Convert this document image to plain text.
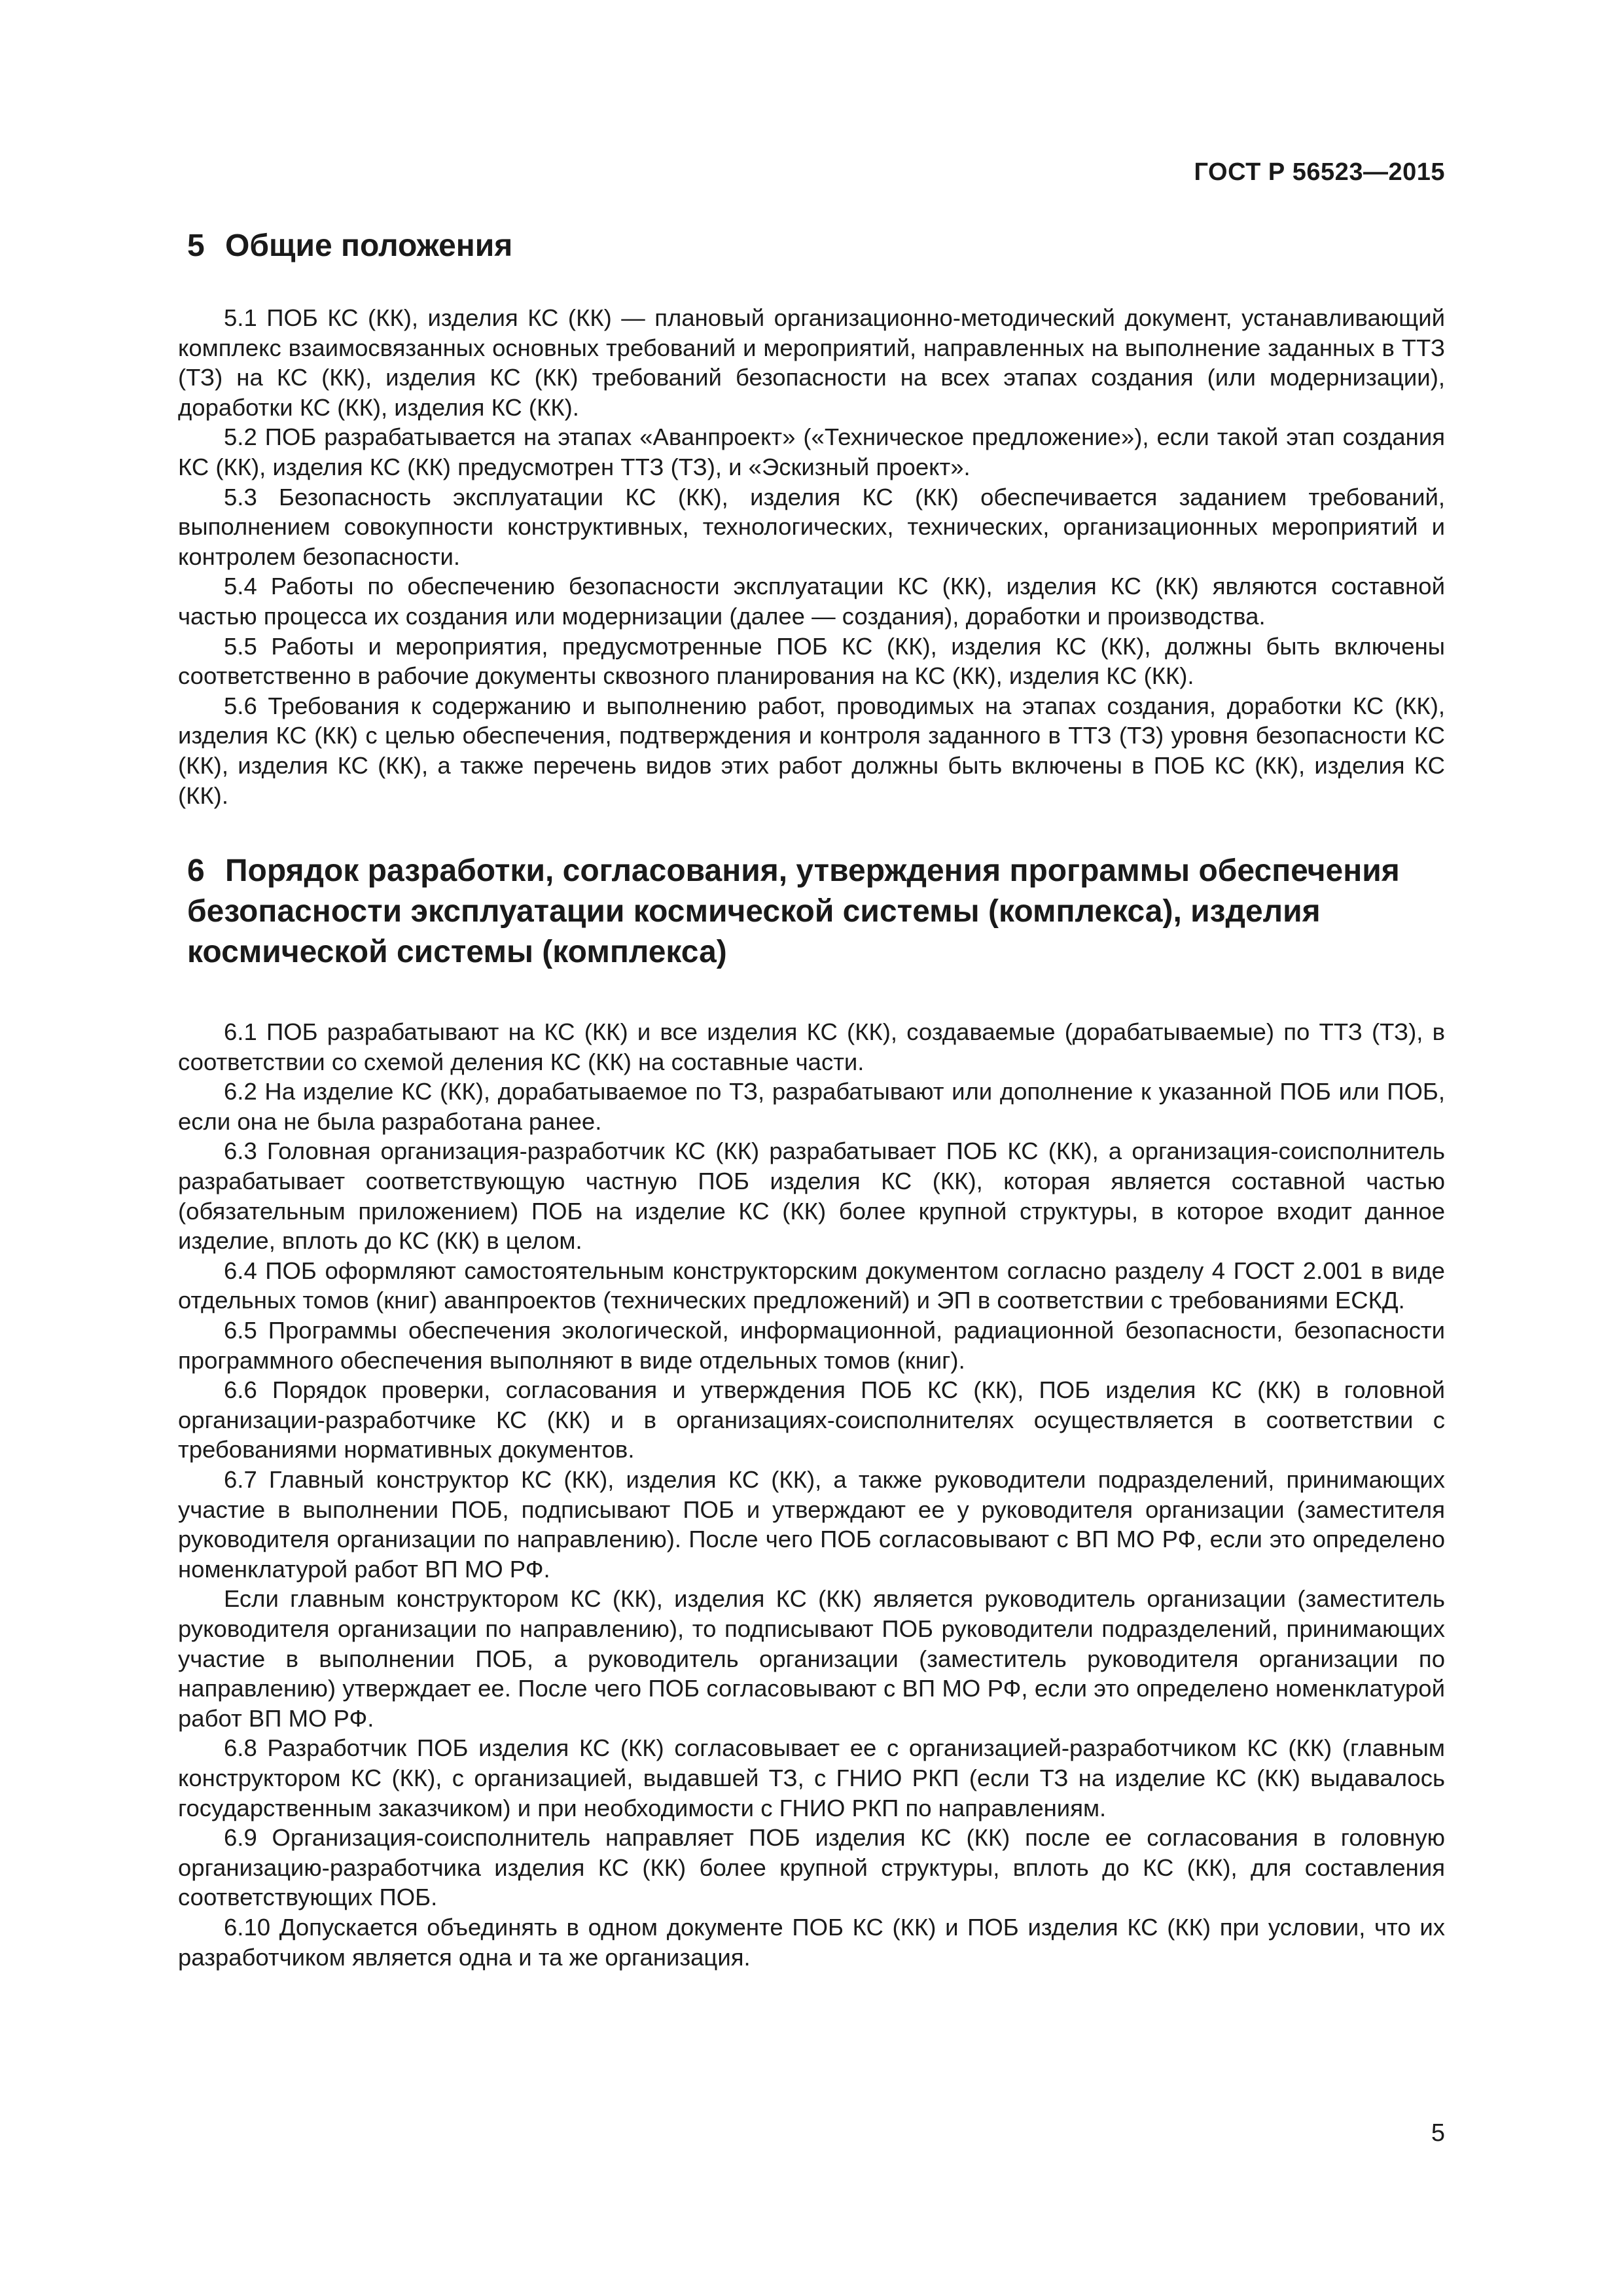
ГОСТ Р 56523—2015
5 Общие положения

5.1 ПОБ КС (КК), изделия КС (КК) — плановый организационно-методический документ, устанавливающий комплекс взаимосвязанных основных требований и мероприятий, направленных на выполнение заданных в ТТЗ (ТЗ) на КС (КК), изделия КС (КК) требований безопасности на всех этапах создания (или модернизации), доработки КС (КК), изделия КС (КК).

5.2 ПОБ разрабатывается на этапах «Аванпроект» («Техническое предложение»), если такой этап создания КС (КК), изделия КС (КК) предусмотрен ТТЗ (ТЗ), и «Эскизный проект».

5.3 Безопасность эксплуатации КС (КК), изделия КС (КК) обеспечивается заданием требований, выполнением совокупности конструктивных, технологических, технических, организационных мероприятий и контролем безопасности.

5.4 Работы по обеспечению безопасности эксплуатации КС (КК), изделия КС (КК) являются составной частью процесса их создания или модернизации (далее — создания), доработки и производства.

5.5 Работы и мероприятия, предусмотренные ПОБ КС (КК), изделия КС (КК), должны быть включены соответственно в рабочие документы сквозного планирования на КС (КК), изделия КС (КК).

5.6 Требования к содержанию и выполнению работ, проводимых на этапах создания, доработки КС (КК), изделия КС (КК) с целью обеспечения, подтверждения и контроля заданного в ТТЗ (ТЗ) уровня безопасности КС (КК), изделия КС (КК), а также перечень видов этих работ должны быть включены в ПОБ КС (КК), изделия КС (КК).

6 Порядок разработки, согласования, утверждения программы обеспечения безопасности эксплуатации космической системы (комплекса), изделия космической системы (комплекса)

6.1 ПОБ разрабатывают на КС (КК) и все изделия КС (КК), создаваемые (дорабатываемые) по ТТЗ (ТЗ), в соответствии со схемой деления КС (КК) на составные части.

6.2 На изделие КС (КК), дорабатываемое по ТЗ, разрабатывают или дополнение к указанной ПОБ или ПОБ, если она не была разработана ранее.

6.3 Головная организация-разработчик КС (КК) разрабатывает ПОБ КС (КК), а организация-соисполнитель разрабатывает соответствующую частную ПОБ изделия КС (КК), которая является составной частью (обязательным приложением) ПОБ на изделие КС (КК) более крупной структуры, в которое входит данное изделие, вплоть до КС (КК) в целом.

6.4 ПОБ оформляют самостоятельным конструкторским документом согласно разделу 4 ГОСТ 2.001 в виде отдельных томов (книг) аванпроектов (технических предложений) и ЭП в соответствии с требованиями ЕСКД.

6.5 Программы обеспечения экологической, информационной, радиационной безопасности, безопасности программного обеспечения выполняют в виде отдельных томов (книг).

6.6 Порядок проверки, согласования и утверждения ПОБ КС (КК), ПОБ изделия КС (КК) в головной организации-разработчике КС (КК) и в организациях-соисполнителях осуществляется в соответствии с требованиями нормативных документов.

6.7 Главный конструктор КС (КК), изделия КС (КК), а также руководители подразделений, принимающих участие в выполнении ПОБ, подписывают ПОБ и утверждают ее у руководителя организации (заместителя руководителя организации по направлению). После чего ПОБ согласовывают с ВП МО РФ, если это определено номенклатурой работ ВП МО РФ.

Если главным конструктором КС (КК), изделия КС (КК) является руководитель организации (заместитель руководителя организации по направлению), то подписывают ПОБ руководители подразделений, принимающих участие в выполнении ПОБ, а руководитель организации (заместитель руководителя организации по направлению) утверждает ее. После чего ПОБ согласовывают с ВП МО РФ, если это определено номенклатурой работ ВП МО РФ.

6.8 Разработчик ПОБ изделия КС (КК) согласовывает ее с организацией-разработчиком КС (КК) (главным конструктором КС (КК), с организацией, выдавшей ТЗ, с ГНИО РКП (если ТЗ на изделие КС (КК) выдавалось государственным заказчиком) и при необходимости с ГНИО РКП по направлениям.

6.9 Организация-соисполнитель направляет ПОБ изделия КС (КК) после ее согласования в головную организацию-разработчика изделия КС (КК) более крупной структуры, вплоть до КС (КК), для составления соответствующих ПОБ.

6.10 Допускается объединять в одном документе ПОБ КС (КК) и ПОБ изделия КС (КК) при условии, что их разработчиком является одна и та же организация.

5
